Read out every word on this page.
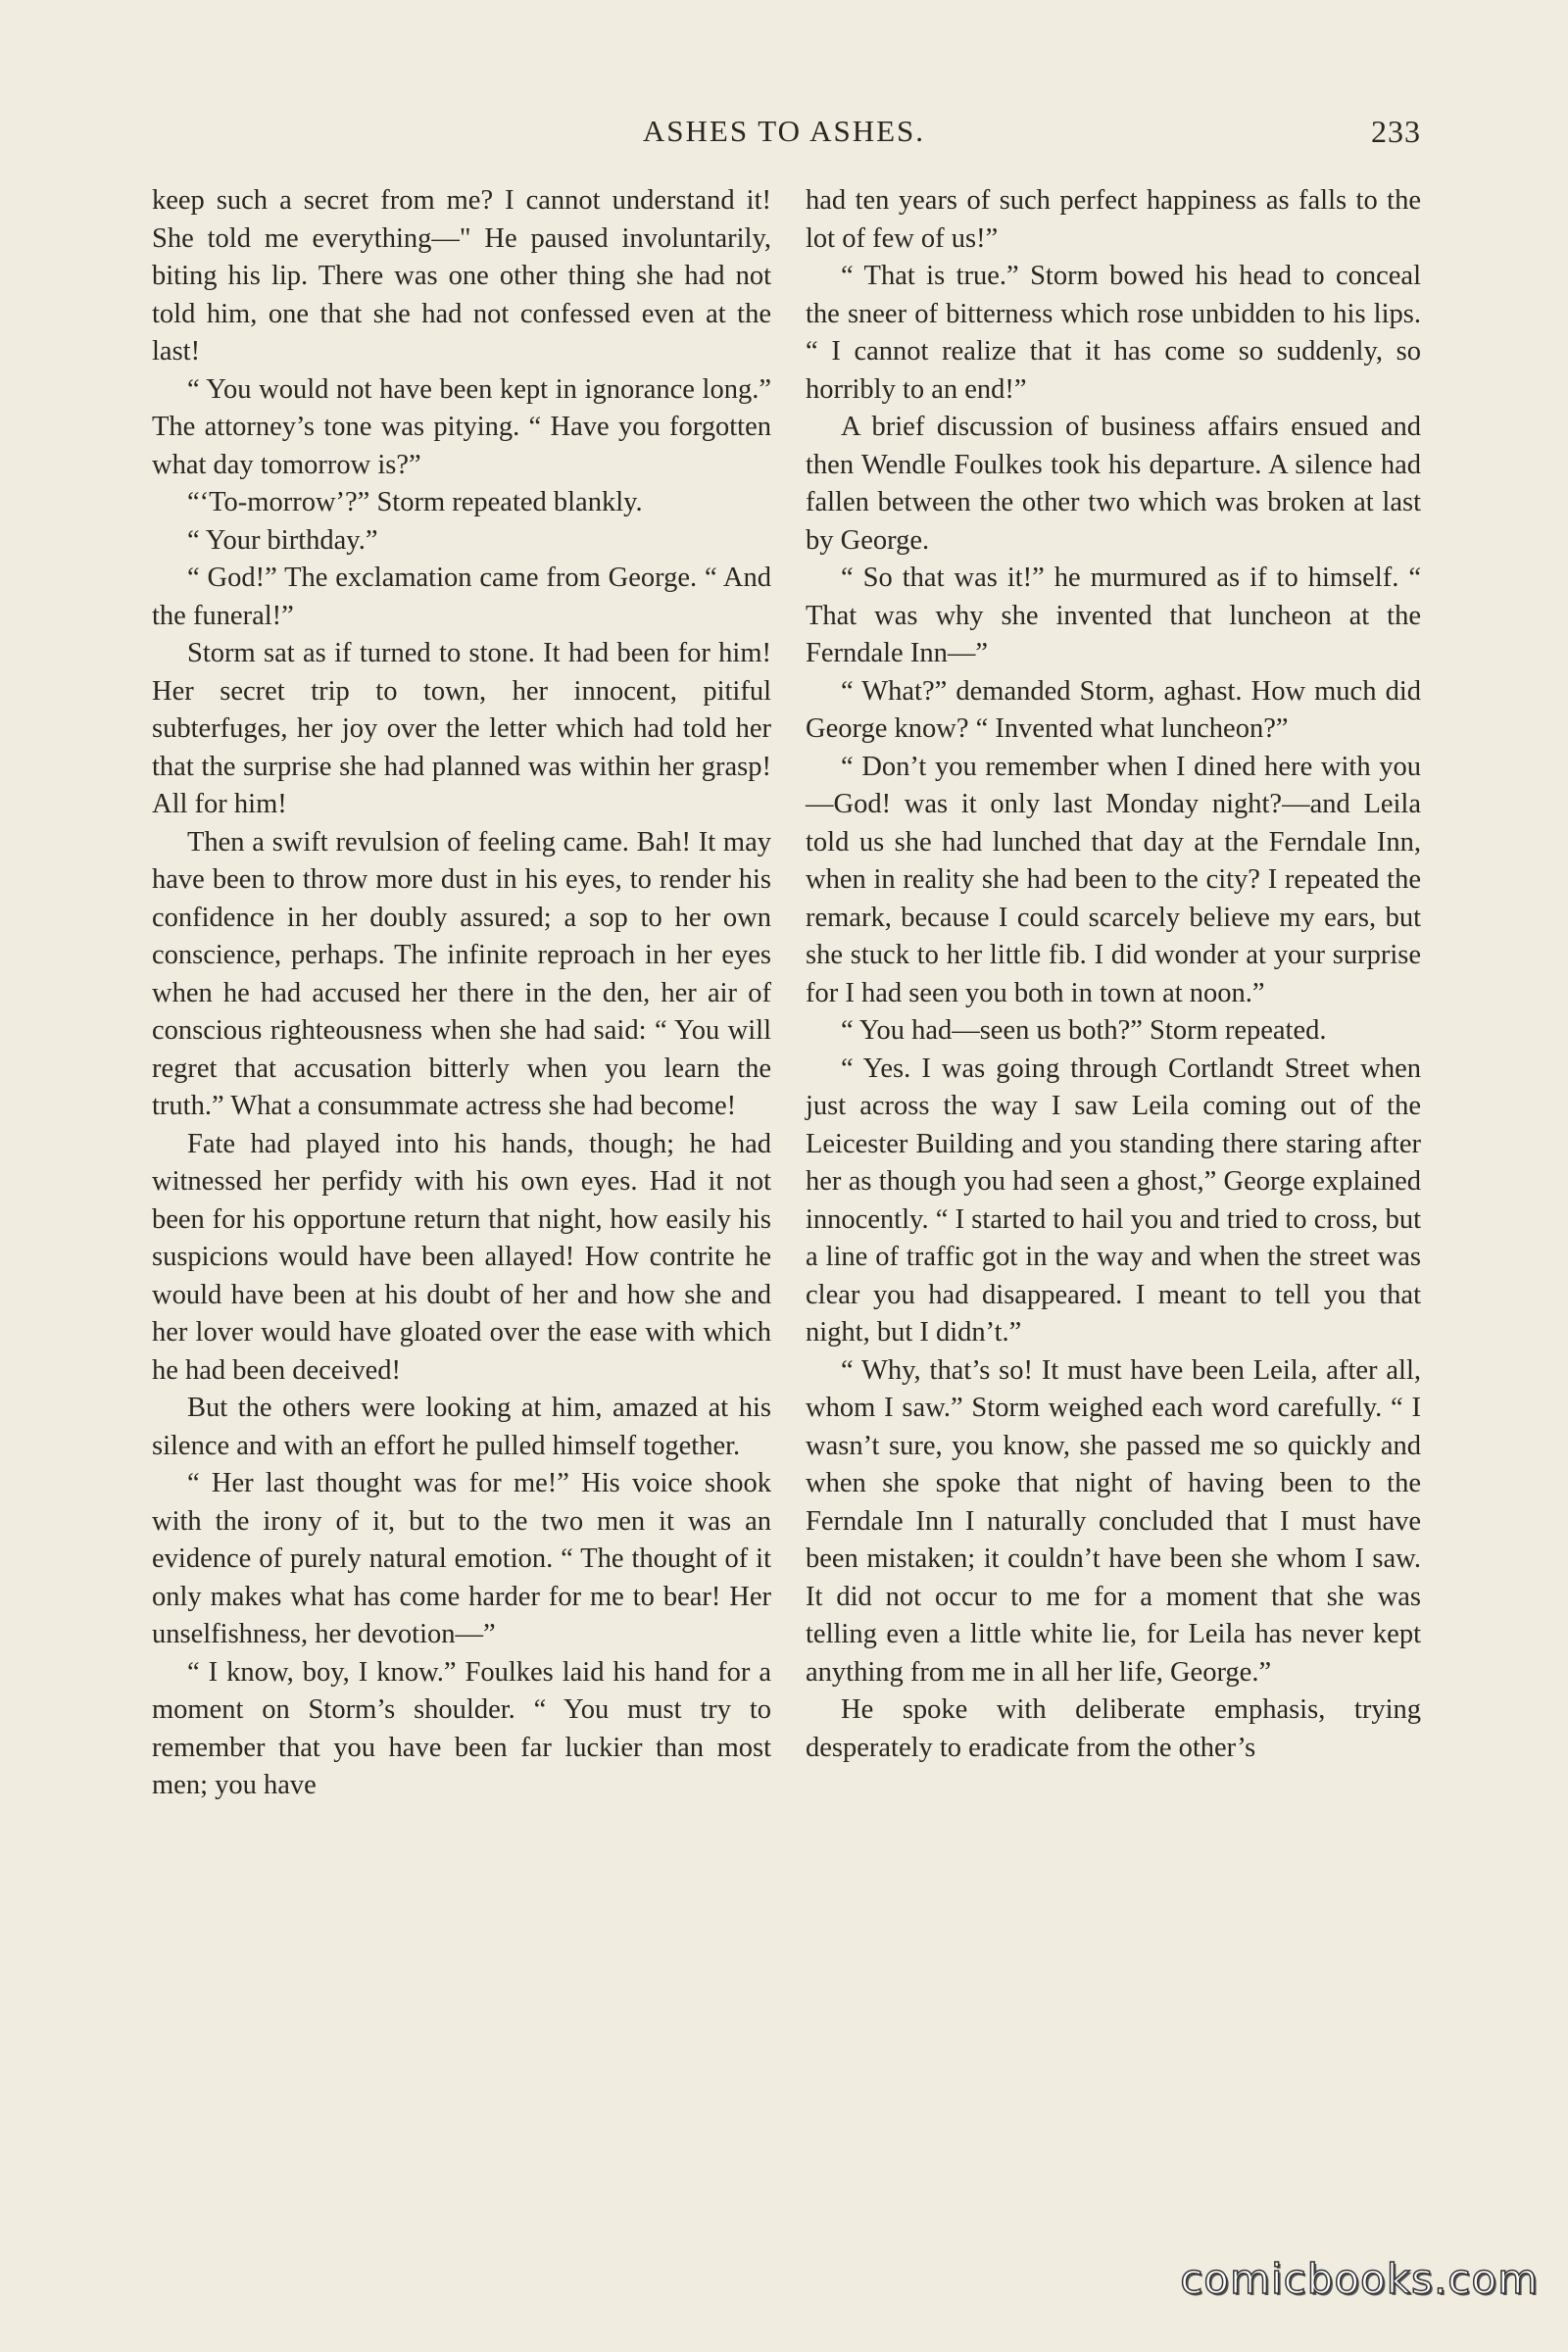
ASHES TO ASHES.	233

keep such a secret from me? I cannot understand it! She told me everything—" He paused involuntarily, biting his lip. There was one other thing she had not told him, one that she had not confessed even at the last!

“ You would not have been kept in ignorance long.” The attorney’s tone was pitying. “ Have you forgotten what day tomorrow is?”

“‘To-morrow’?” Storm repeated blankly.

“ Your birthday.”

“ God!” The exclamation came from George. “ And the funeral!”

Storm sat as if turned to stone. It had been for him! Her secret trip to town, her innocent, pitiful subterfuges, her joy over the letter which had told her that the surprise she had planned was within her grasp! All for him!

Then a swift revulsion of feeling came. Bah! It may have been to throw more dust in his eyes, to render his confidence in her doubly assured; a sop to her own conscience, perhaps. The infinite reproach in her eyes when he had accused her there in the den, her air of conscious righteousness when she had said: “ You will regret that accusation bitterly when you learn the truth.” What a consummate actress she had become!

Fate had played into his hands, though; he had witnessed her perfidy with his own eyes. Had it not been for his opportune return that night, how easily his suspicions would have been allayed! How contrite he would have been at his doubt of her and how she and her lover would have gloated over the ease with which he had been deceived!

But the others were looking at him, amazed at his silence and with an effort he pulled himself together.

“ Her last thought was for me!” His voice shook with the irony of it, but to the two men it was an evidence of purely natural emotion. “ The thought of it only makes what has come harder for me to bear! Her unselfishness, her devotion—”

“ I know, boy, I know.” Foulkes laid his hand for a moment on Storm’s shoulder. “ You must try to remember that you have been far luckier than most men; you have

had ten years of such perfect happiness as falls to the lot of few of us!”

“ That is true.” Storm bowed his head to conceal the sneer of bitterness which rose unbidden to his lips. “ I cannot realize that it has come so suddenly, so horribly to an end!”

A brief discussion of business affairs ensued and then Wendle Foulkes took his departure. A silence had fallen between the other two which was broken at last by George.

“ So that was it!” he murmured as if to himself. “ That was why she invented that luncheon at the Ferndale Inn—”

“ What?” demanded Storm, aghast. How much did George know? “ Invented what luncheon?”

“ Don’t you remember when I dined here with you—God! was it only last Monday night?—and Leila told us she had lunched that day at the Ferndale Inn, when in reality she had been to the city? I repeated the remark, because I could scarcely believe my ears, but she stuck to her little fib. I did wonder at your surprise for I had seen you both in town at noon.”

“ You had—seen us both?” Storm repeated.

“ Yes. I was going through Cortlandt Street when just across the way I saw Leila coming out of the Leicester Building and you standing there staring after her as though you had seen a ghost,” George explained innocently. “ I started to hail you and tried to cross, but a line of traffic got in the way and when the street was clear you had disappeared. I meant to tell you that night, but I didn’t.”

“ Why, that’s so! It must have been Leila, after all, whom I saw.” Storm weighed each word carefully. “ I wasn’t sure, you know, she passed me so quickly and when she spoke that night of having been to the Ferndale Inn I naturally concluded that I must have been mistaken; it couldn’t have been she whom I saw. It did not occur to me for a moment that she was telling even a little white lie, for Leila has never kept anything from me in all her life, George.”

He spoke with deliberate emphasis, trying desperately to eradicate from the other’s

comicbooks.com
